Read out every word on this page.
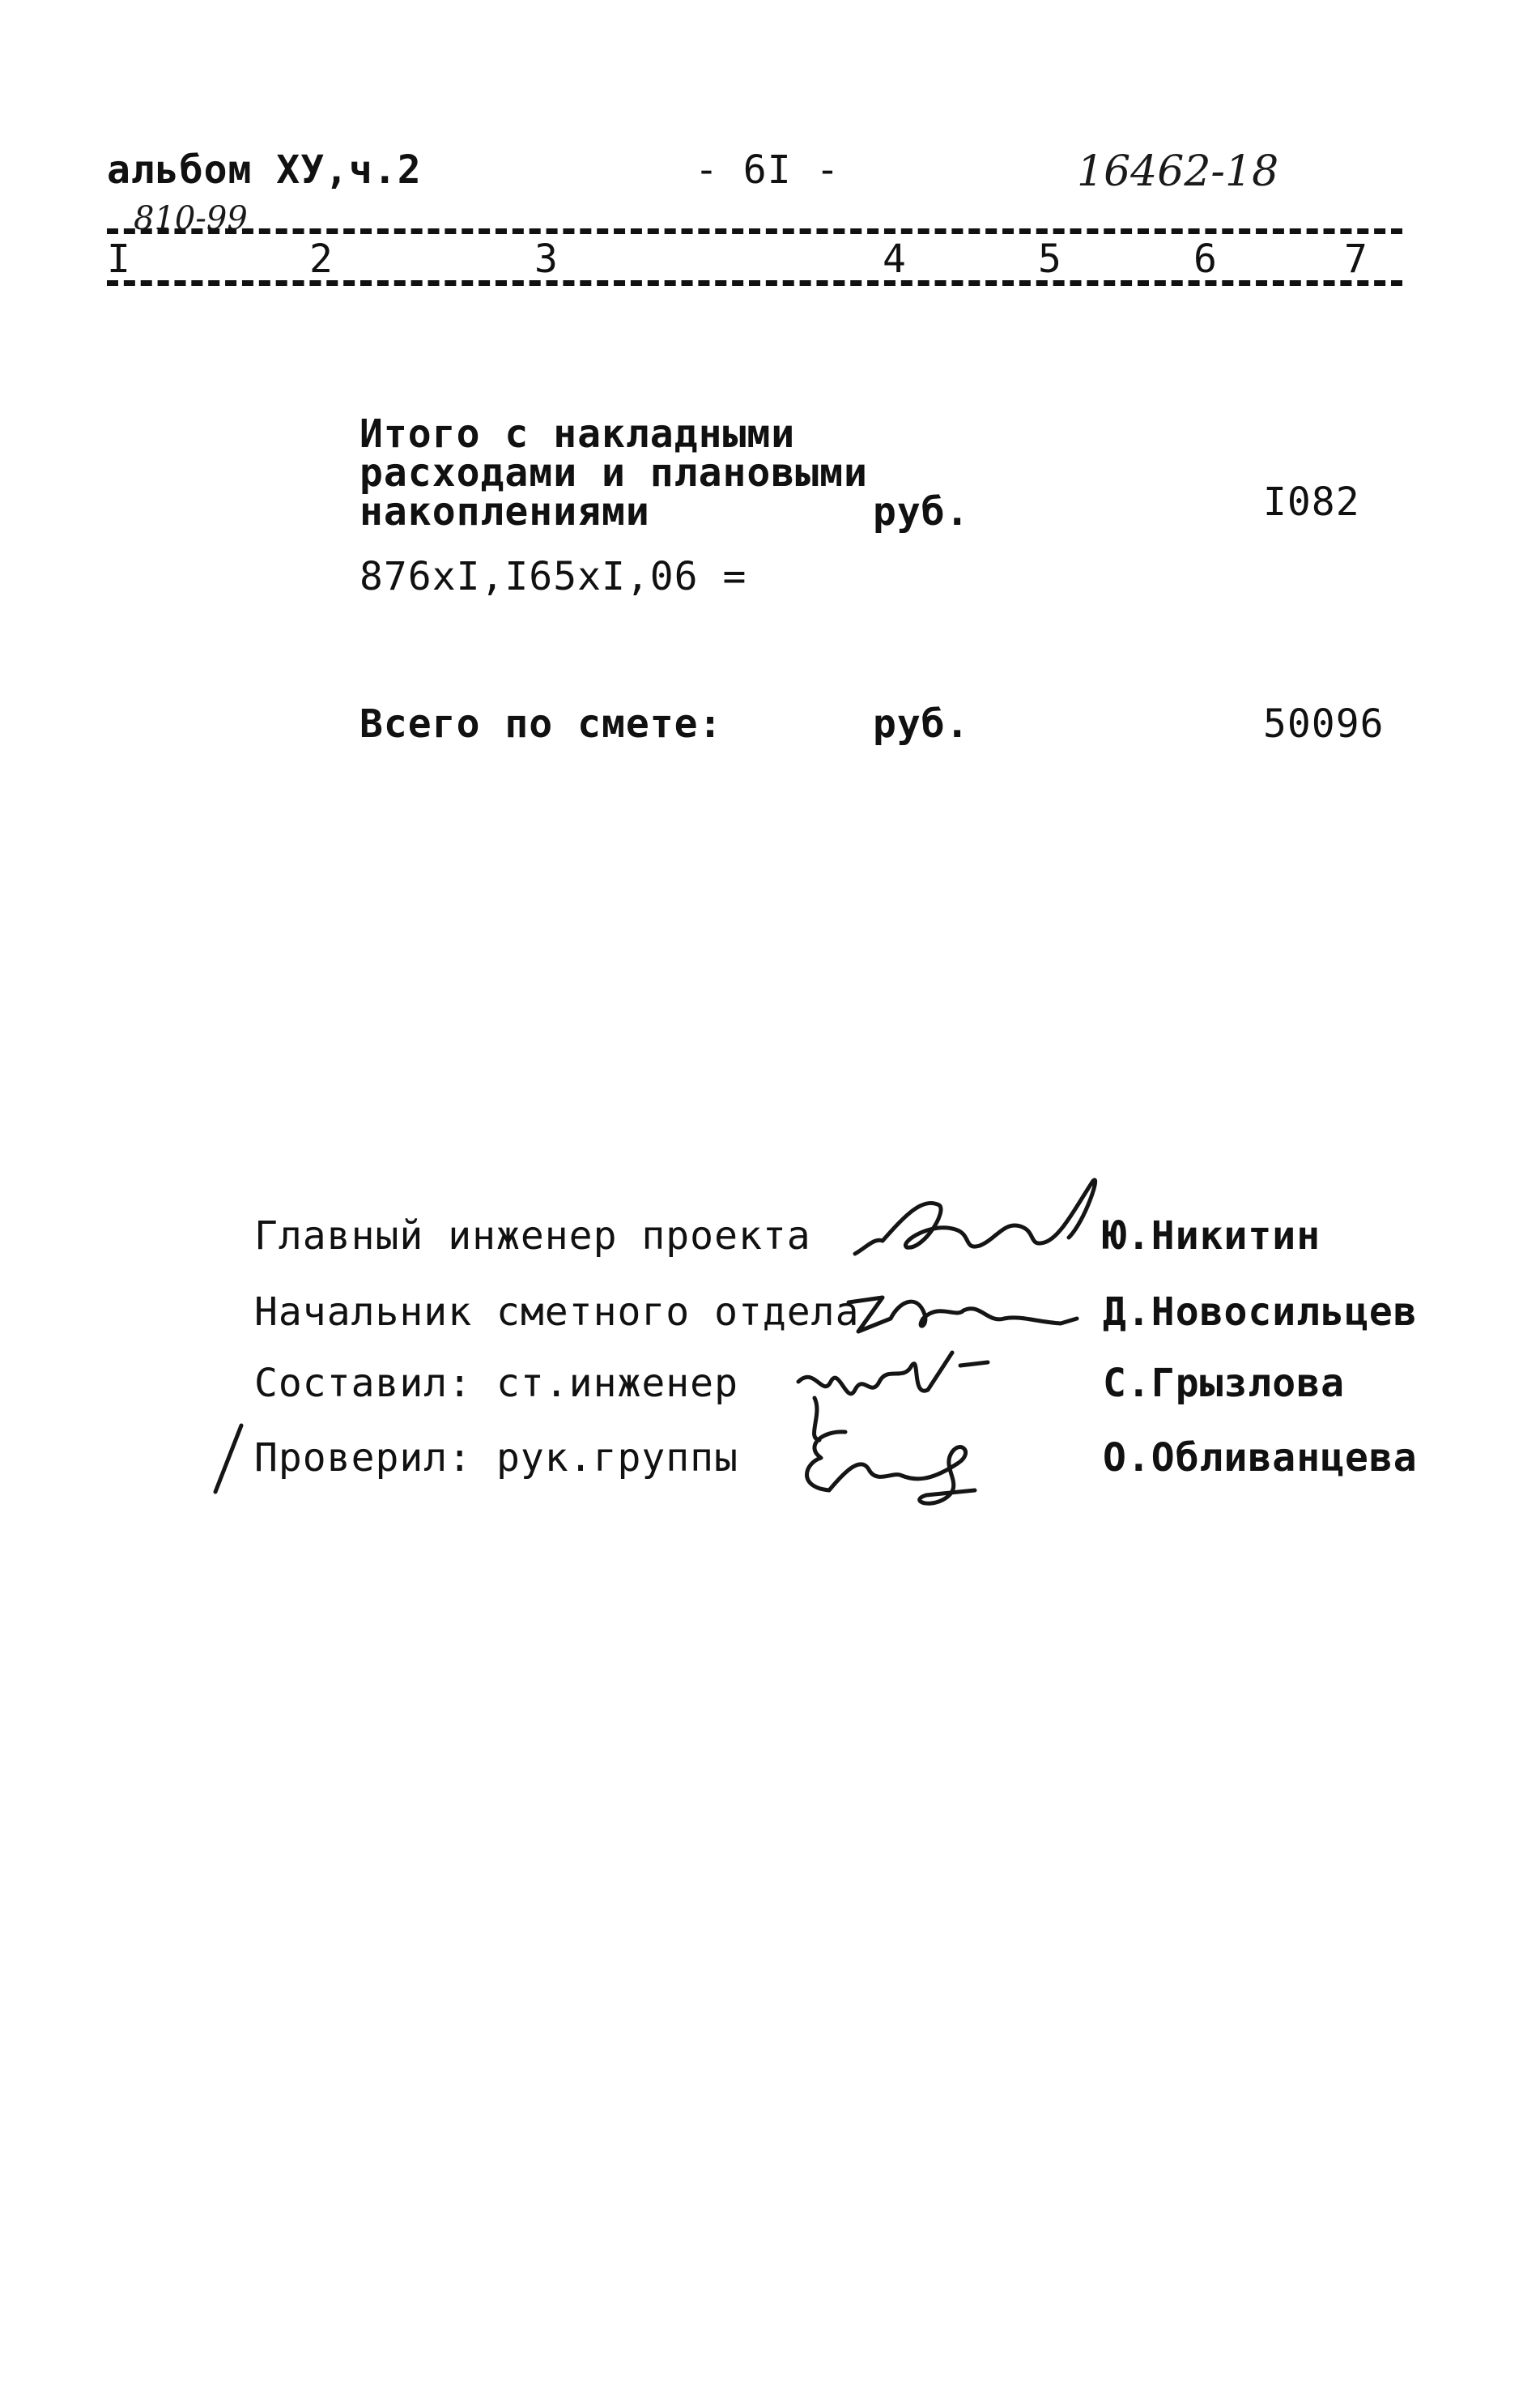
альбом ХУ,ч.2	- 6I -	16462-18
810-99
I	2	3	4	5	6	7
Итого с накладными
расходами и плановыми
накоплениями	руб.	I082
876хI,I65хI,06 =
Всего по смете:	руб.	50096
Главный инженер проекта	Ю.Никитин
Начальник сметного отдела	Д.Новосильцев
Составил: ст.инженер	С.Грызлова
Проверил: рук.группы	О.Обливанцева
